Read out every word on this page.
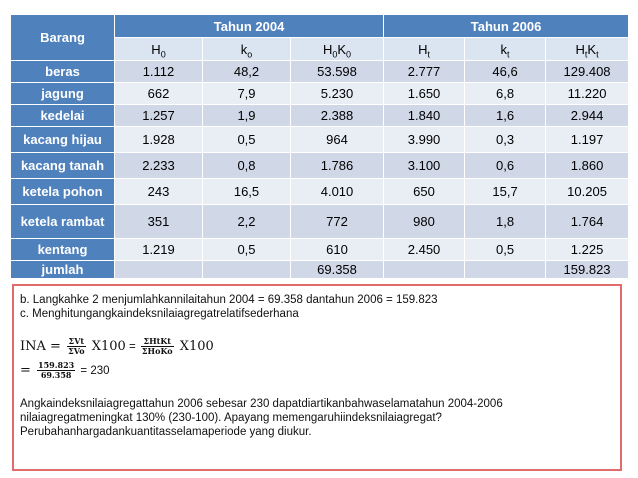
Barang	Tahun 2004			Tahun 2006		
	$H_0$	$k_o$	$H_0K_0$	$H_t$	$k_t$	$H_tK_t$
beras	1.112	48,2	53.598	2.777	46,6	129.408
jagung	662	7,9	5.230	1.650	6,8	11.220
kedelai	1.257	1,9	2.388	1.840	1,6	2.944
kacang hijau	1.928	0,5	964	3.990	0,3	1.197
kacang tanah	2.233	0,8	1.786	3.100	0,6	1.860
ketela pohon	243	16,5	4.010	650	15,7	10.205
ketela rambat	351	2,2	772	980	1,8	1.764
kentang	1.219	0,5	610	2.450	0,5	1.225
jumlah			69.358			159.823
b. Langkahke 2 menjumlahkannilaitahun 2004 = 69.358 dantahun 2006 = 159.823
c. Menghitungangkaindeksnilaiagregatrelatifsederhana
INA = $\frac{\text{ΣVt}}{\text{ΣVo}} X100 = \frac{\text{ΣHtKt}}{\text{ΣHoKo}} X100$
= $\frac{159.823}{69.358} = 230$
Angkaindeksnilaiagregattahun 2006 sebesar 230 dapatdiartikanbahwaselamatahun 2004-2006
nilaiagregatmeningkat 130% (230-100). Apayang memengaruhiindeksnilaiagregat?
Perubahanhargadankuantitasselamaperiode yang diukur.
